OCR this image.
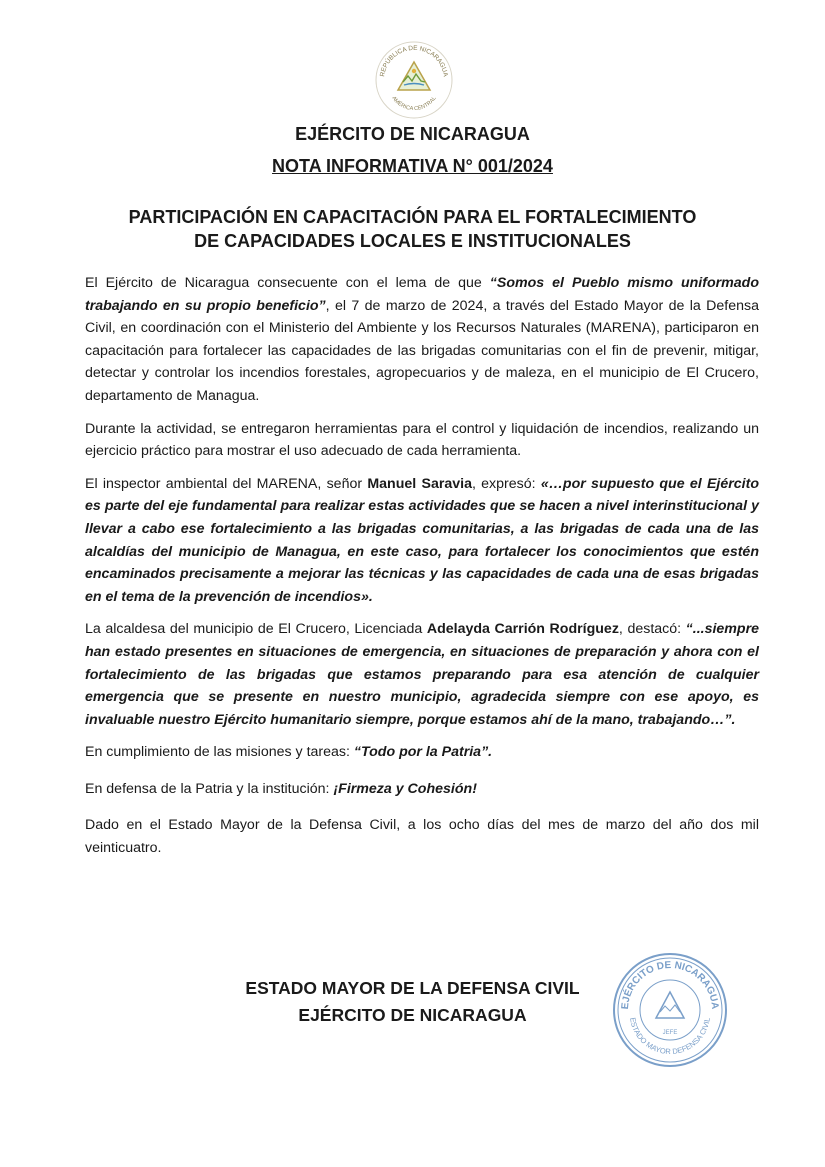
REPÚBLICA DE NICARAGUA
AMÉRICA CENTRAL
EJÉRCITO DE NICARAGUA
NOTA INFORMATIVA N° 001/2024
PARTICIPACIÓN EN CAPACITACIÓN PARA EL FORTALECIMIENTO
DE CAPACIDADES LOCALES E INSTITUCIONALES

El Ejército de Nicaragua consecuente con el lema de que “Somos el Pueblo mismo uniformado trabajando en su propio beneficio”, el 7 de marzo de 2024, a través del Estado Mayor de la Defensa Civil, en coordinación con el Ministerio del Ambiente y los Recursos Naturales (MARENA), participaron en capacitación para fortalecer las capacidades de las brigadas comunitarias con el fin de prevenir, mitigar, detectar y controlar los incendios forestales, agropecuarios y de maleza, en el municipio de El Crucero, departamento de Managua.

Durante la actividad, se entregaron herramientas para el control y liquidación de incendios, realizando un ejercicio práctico para mostrar el uso adecuado de cada herramienta.

El inspector ambiental del MARENA, señor Manuel Saravia, expresó: «…por supuesto que el Ejército es parte del eje fundamental para realizar estas actividades que se hacen a nivel interinstitucional y llevar a cabo ese fortalecimiento a las brigadas comunitarias, a las brigadas de cada una de las alcaldías del municipio de Managua, en este caso, para fortalecer los conocimientos que estén encaminados precisamente a mejorar las técnicas y las capacidades de cada una de esas brigadas en el tema de la prevención de incendios».

La alcaldesa del municipio de El Crucero, Licenciada Adelayda Carrión Rodríguez, destacó: “...siempre han estado presentes en situaciones de emergencia, en situaciones de preparación y ahora con el fortalecimiento de las brigadas que estamos preparando para esa atención de cualquier emergencia que se presente en nuestro municipio, agradecida siempre con ese apoyo, es invaluable nuestro Ejército humanitario siempre, porque estamos ahí de la mano, trabajando…”.

En cumplimiento de las misiones y tareas: “Todo por la Patria”.

En defensa de la Patria y la institución: ¡Firmeza y Cohesión!

Dado en el Estado Mayor de la Defensa Civil, a los ocho días del mes de marzo del año dos mil veinticuatro.

ESTADO MAYOR DE LA DEFENSA CIVIL
EJÉRCITO DE NICARAGUA	EJÉRCITO DE NICARAGUA
ESTADO MAYOR DEFENSA CIVIL
JEFE
